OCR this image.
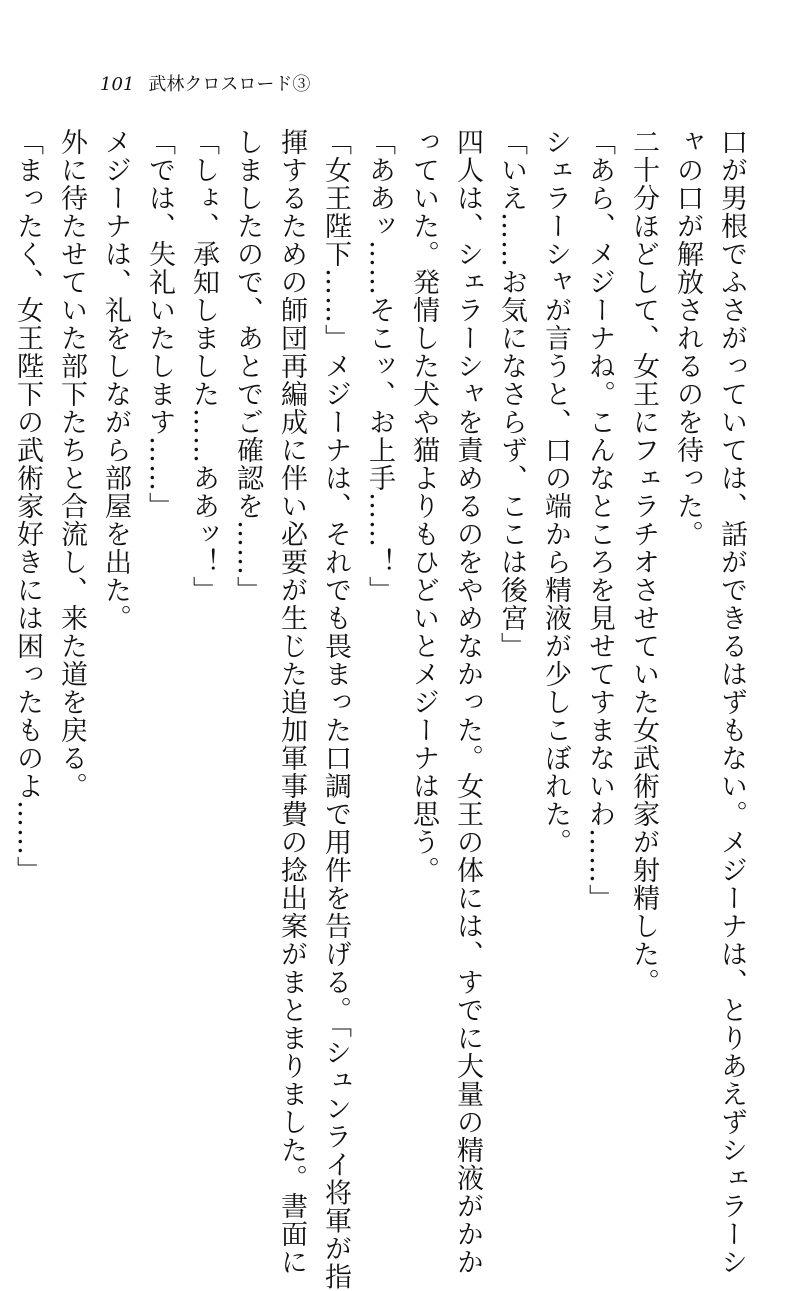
101 武林クロスロード③

口が男根でふさがっていては、話ができるはずもない。メジーナは、とりあえずシェラーシ

ャの口が解放されるのを待った。

二十分ほどして、女王にフェラチオさせていた女武術家が射精した。

「あら、メジーナね。こんなところを見せてすまないわ……」

シェラーシャが言うと、口の端から精液が少しこぼれた。

「いえ……お気になさらず、ここは後宮」

四人は、シェラーシャを責めるのをやめなかった。女王の体には、すでに大量の精液がかか

っていた。発情した犬や猫よりもひどいとメジーナは思う。

「ああッ……そこッ、お上手……！」

「女王陛下……」メジーナは、それでも畏まった口調で用件を告げる。「シュンライ将軍が指

揮するための師団再編成に伴い必要が生じた追加軍事費の捻出案がまとまりました。書面に

しましたので、あとでご確認を……」

「しょ、承知しました……ああッ！」

「では、失礼いたします……」

メジーナは、礼をしながら部屋を出た。

外に待たせていた部下たちと合流し、来た道を戻る。

「まったく、女王陛下の武術家好きには困ったものよ……」
